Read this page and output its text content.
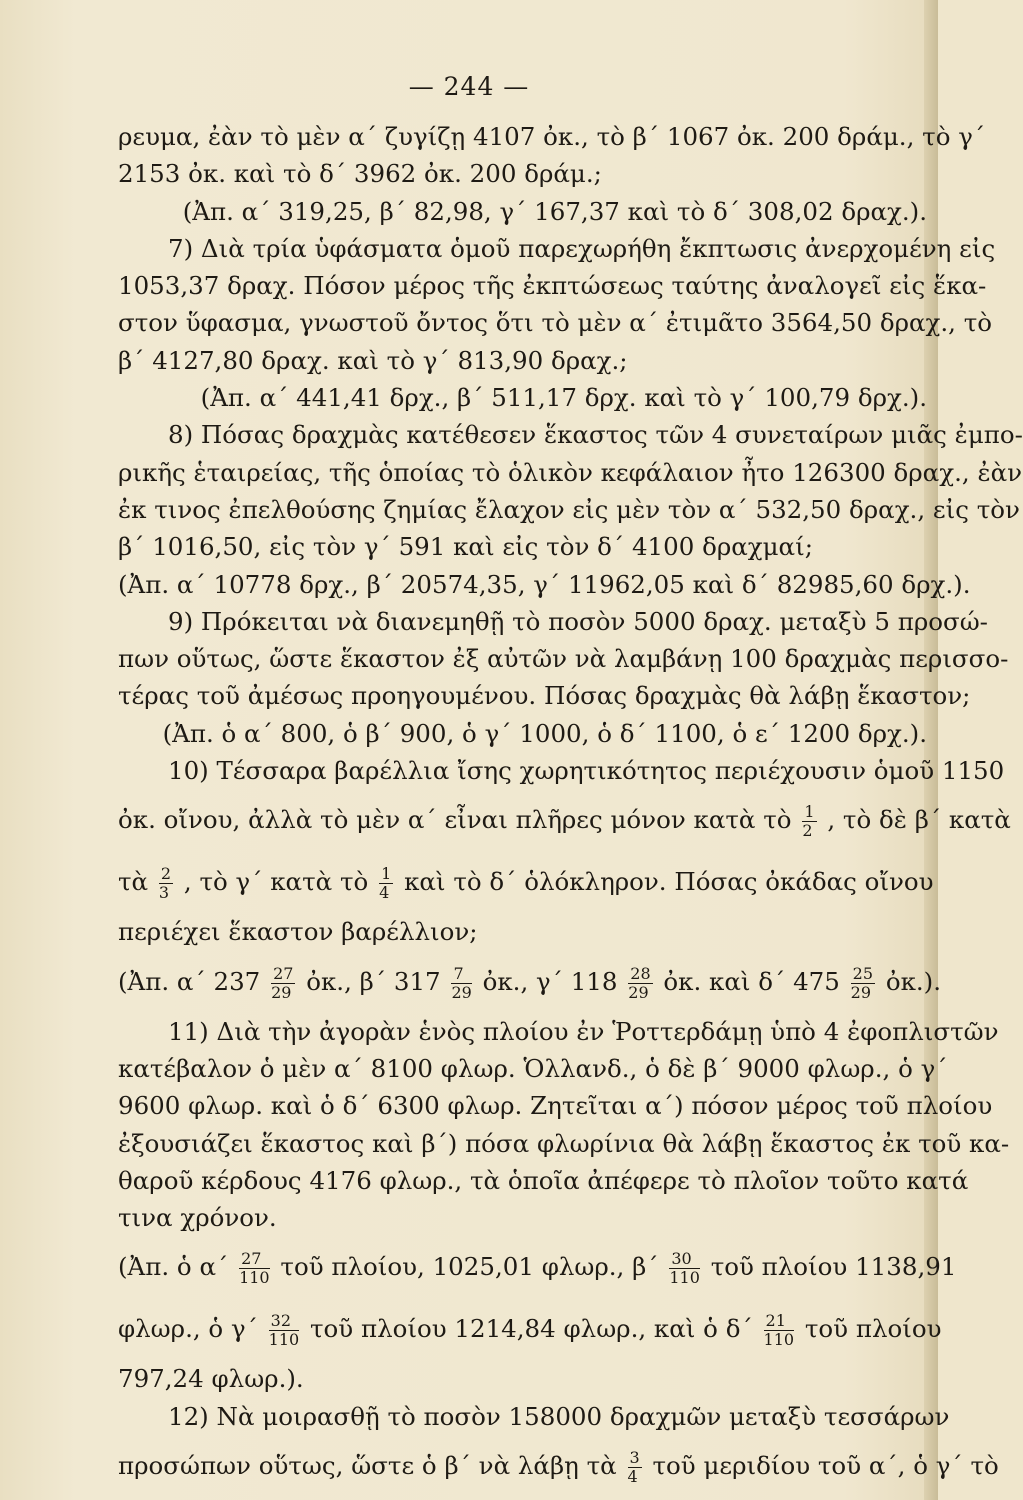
— 244 —
ρευμα, ἐὰν τὸ μὲν α΄ ζυγίζῃ 4107 ὀκ., τὸ β΄ 1067 ὀκ. 200 δράμ., τὸ γ΄
2153 ὀκ. καὶ τὸ δ΄ 3962 ὀκ. 200 δράμ.;
(Ἀπ. α΄ 319,25, β΄ 82,98, γ΄ 167,37 καὶ τὸ δ΄ 308,02 δραχ.).
7) Διὰ τρία ὑφάσματα ὁμοῦ παρεχωρήθη ἔκπτωσις ἀνερχομένη εἰς
1053,37 δραχ. Πόσον μέρος τῆς ἐκπτώσεως ταύτης ἀναλογεῖ εἰς ἕκα-
στον ὕφασμα, γνωστοῦ ὄντος ὅτι τὸ μὲν α΄ ἐτιμᾶτο 3564,50 δραχ., τὸ
β΄ 4127,80 δραχ. καὶ τὸ γ΄ 813,90 δραχ.;
(Ἀπ. α΄ 441,41 δρχ., β΄ 511,17 δρχ. καὶ τὸ γ΄ 100,79 δρχ.).
8) Πόσας δραχμὰς κατέθεσεν ἕκαστος τῶν 4 συνεταίρων μιᾶς ἐμπο-
ρικῆς ἑταιρείας, τῆς ὁποίας τὸ ὁλικὸν κεφάλαιον ἦτο 126300 δραχ., ἐὰν
ἐκ τινος ἐπελθούσης ζημίας ἔλαχον εἰς μὲν τὸν α΄ 532,50 δραχ., εἰς τὸν
β΄ 1016,50, εἰς τὸν γ΄ 591 καὶ εἰς τὸν δ΄ 4100 δραχμαί;
(Ἀπ. α΄ 10778 δρχ., β΄ 20574,35, γ΄ 11962,05 καὶ δ΄ 82985,60 δρχ.).
9) Πρόκειται νὰ διανεμηθῇ τὸ ποσὸν 5000 δραχ. μεταξὺ 5 προσώ-
πων οὕτως, ὥστε ἕκαστον ἐξ αὐτῶν νὰ λαμβάνῃ 100 δραχμὰς περισσο-
τέρας τοῦ ἀμέσως προηγουμένου. Πόσας δραχμὰς θὰ λάβῃ ἕκαστον;
(Ἀπ. ὁ α΄ 800, ὁ β΄ 900, ὁ γ΄ 1000, ὁ δ΄ 1100, ὁ ε΄ 1200 δρχ.).
10) Τέσσαρα βαρέλλια ἴσης χωρητικότητος περιέχουσιν ὁμοῦ 1150
ὀκ. οἴνου, ἀλλὰ τὸ μὲν α΄ εἶναι πλῆρες μόνον κατὰ τὸ $\frac{1}{2}$ , τὸ δὲ β΄ κατὰ
τὰ $\frac{2}{3}$ , τὸ γ΄ κατὰ τὸ $\frac{1}{4}$ καὶ τὸ δ΄ ὁλόκληρον. Πόσας ὀκάδας οἴνου
περιέχει ἕκαστον βαρέλλιον;
(Ἀπ. α΄ $237 \frac{27}{29}$ ὀκ., β΄ $317 \frac{7}{29}$ ὀκ., γ΄ $118 \frac{28}{29}$ ὀκ. καὶ δ΄ $475 \frac{25}{29}$ ὀκ.).
11) Διὰ τὴν ἀγορὰν ἑνὸς πλοίου ἐν Ῥοττερδάμῃ ὑπὸ 4 ἐφοπλιστῶν
κατέβαλον ὁ μὲν α΄ 8100 φλωρ. Ὁλλανδ., ὁ δὲ β΄ 9000 φλωρ., ὁ γ΄
9600 φλωρ. καὶ ὁ δ΄ 6300 φλωρ. Ζητεῖται α΄) πόσον μέρος τοῦ πλοίου
ἐξουσιάζει ἕκαστος καὶ β΄) πόσα φλωρίνια θὰ λάβῃ ἕκαστος ἐκ τοῦ κα-
θαροῦ κέρδους 4176 φλωρ., τὰ ὁποῖα ἀπέφερε τὸ πλοῖον τοῦτο κατά
τινα χρόνον.
(Ἀπ. ὁ $\alpha΄ \frac{27}{110}$ τοῦ πλοίου, 1025,01 φλωρ., $\beta΄ \frac{30}{110}$ τοῦ πλοίου 1138,91
φλωρ., ὁ $\gamma΄ \frac{32}{110}$ τοῦ πλοίου 1214,84 φλωρ., καὶ ὁ $\delta΄ \frac{21}{110}$ τοῦ πλοίου
797,24 φλωρ.).
12) Νὰ μοιρασθῇ τὸ ποσὸν 158000 δραχμῶν μεταξὺ τεσσάρων
προσώπων οὕτως, ὥστε ὁ β΄ νὰ λάβῃ τὰ $\frac{3}{4}$ τοῦ μεριδίου τοῦ α΄, ὁ γ΄ τὸ
